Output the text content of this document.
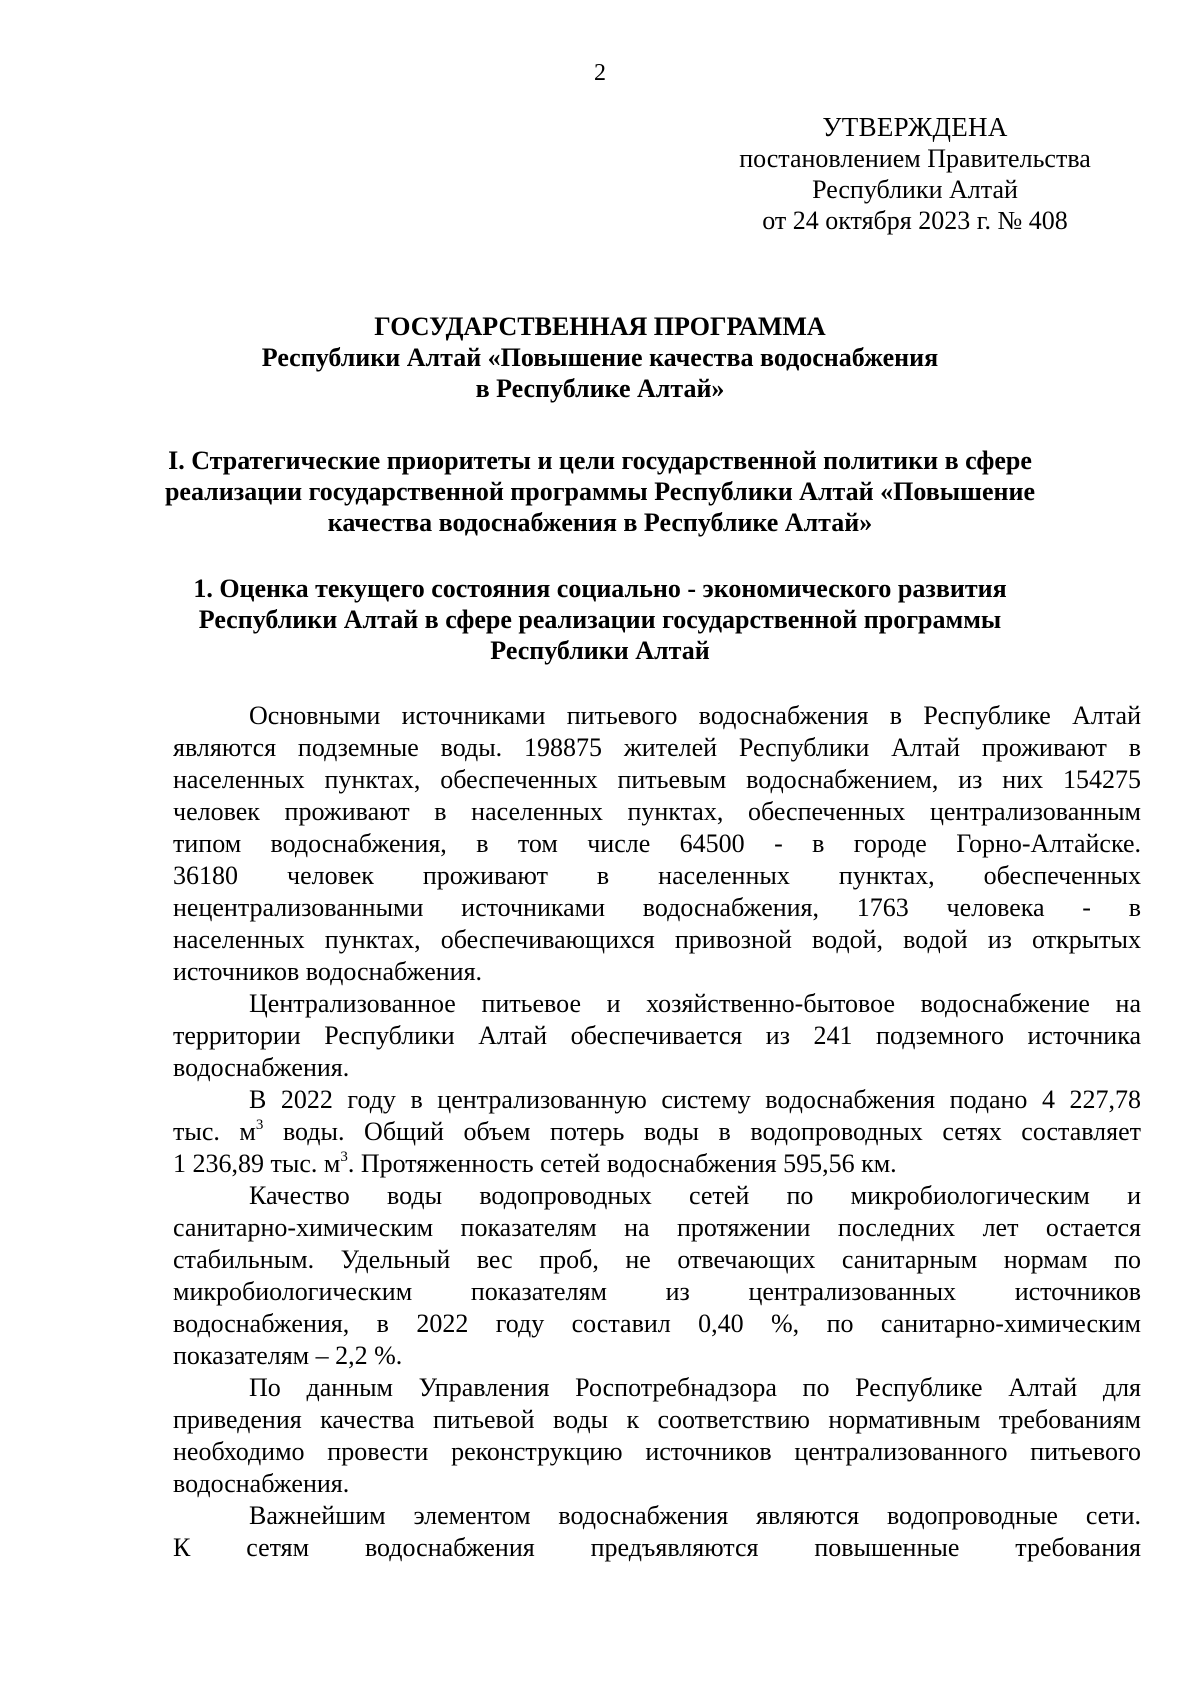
2
УТВЕРЖДЕНА
постановлением Правительства
Республики Алтай
от 24 октября 2023 г. № 408
ГОСУДАРСТВЕННАЯ ПРОГРАММА
Республики Алтай «Повышение качества водоснабжения
в Республике Алтай»
I. Стратегические приоритеты и цели государственной политики в сфере
реализации государственной программы Республики Алтай «Повышение
качества водоснабжения в Республике Алтай»
1. Оценка текущего состояния социально - экономического развития
Республики Алтай в сфере реализации государственной программы
Республики Алтай
Основными источниками питьевого водоснабжения в Республике Алтай
являются подземные воды. 198875 жителей Республики Алтай проживают в
населенных пунктах, обеспеченных питьевым водоснабжением, из них 154275
человек проживают в населенных пунктах, обеспеченных централизованным
типом водоснабжения, в том числе 64500 - в городе Горно-Алтайске.
36180 человек проживают в населенных пунктах, обеспеченных
нецентрализованными источниками водоснабжения, 1763 человека - в
населенных пунктах, обеспечивающихся привозной водой, водой из открытых
источников водоснабжения.
Централизованное питьевое и хозяйственно-бытовое водоснабжение на
территории Республики Алтай обеспечивается из 241 подземного источника
водоснабжения.
В 2022 году в централизованную систему водоснабжения подано 4 227,78
тыс. $м^3$ воды. Общий объем потерь воды в водопроводных сетях составляет
1 236,89 тыс. $м^3$. Протяженность сетей водоснабжения 595,56 км.
Качество воды водопроводных сетей по микробиологическим и
санитарно-химическим показателям на протяжении последних лет остается
стабильным. Удельный вес проб, не отвечающих санитарным нормам по
микробиологическим показателям из централизованных источников
водоснабжения, в 2022 году составил 0,40 %, по санитарно-химическим
показателям – 2,2 %.
По данным Управления Роспотребнадзора по Республике Алтай для
приведения качества питьевой воды к соответствию нормативным требованиям
необходимо провести реконструкцию источников централизованного питьевого
водоснабжения.
Важнейшим элементом водоснабжения являются водопроводные сети.
К сетям водоснабжения предъявляются повышенные требования
